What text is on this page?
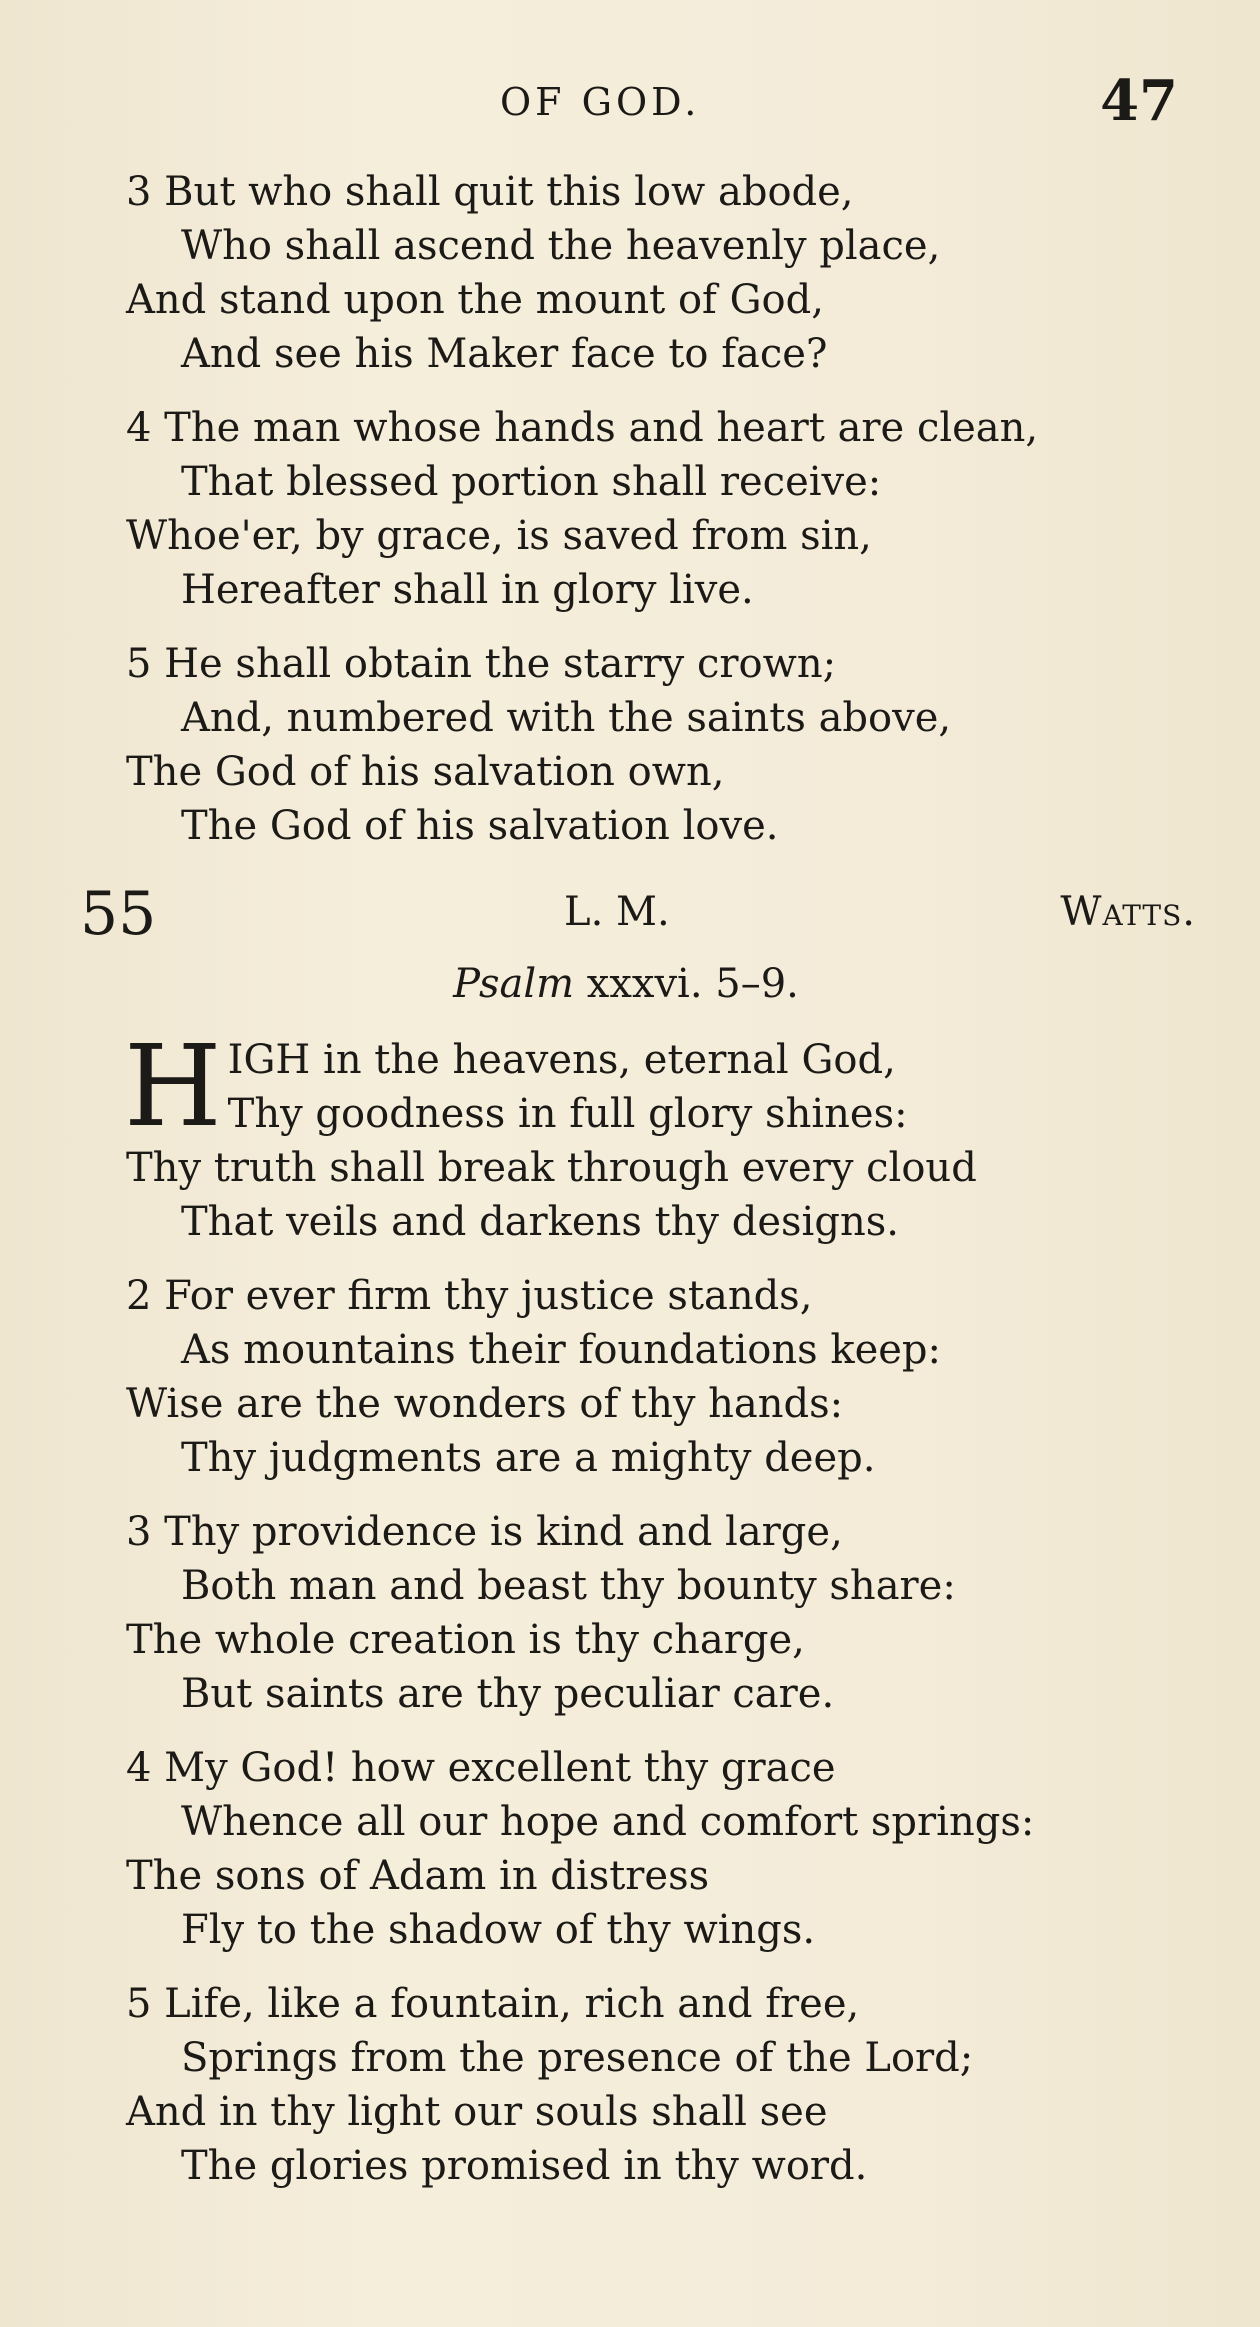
OF GOD.	47
3 But who shall quit this low abode,
Who shall ascend the heavenly place,
And stand upon the mount of God,
And see his Maker face to face?
4 The man whose hands and heart are clean,
That blessed portion shall receive:
Whoe'er, by grace, is saved from sin,
Hereafter shall in glory live.
5 He shall obtain the starry crown;
And, numbered with the saints above,
The God of his salvation own,
The God of his salvation love.
55	L. M.	Watts.
Psalm xxxvi. 5–9.
H IGH in the heavens, eternal God,
Thy goodness in full glory shines:
Thy truth shall break through every cloud
That veils and darkens thy designs.
2 For ever firm thy justice stands,
As mountains their foundations keep:
Wise are the wonders of thy hands:
Thy judgments are a mighty deep.
3 Thy providence is kind and large,
Both man and beast thy bounty share:
The whole creation is thy charge,
But saints are thy peculiar care.
4 My God! how excellent thy grace
Whence all our hope and comfort springs:
The sons of Adam in distress
Fly to the shadow of thy wings.
5 Life, like a fountain, rich and free,
Springs from the presence of the Lord;
And in thy light our souls shall see
The glories promised in thy word.
